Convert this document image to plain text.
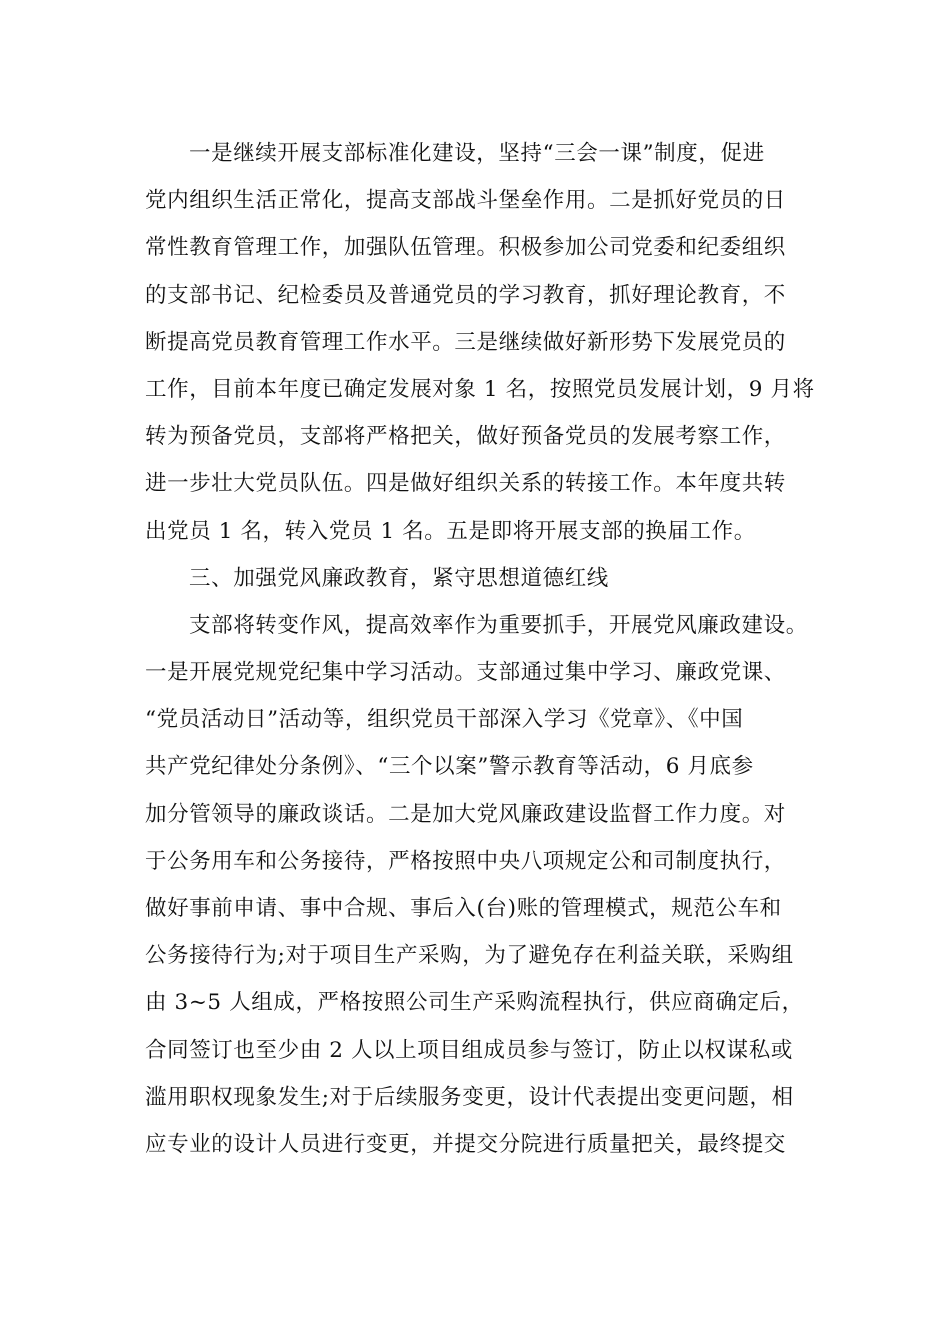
一是继续开展支部标准化建设，坚持“三会一课”制度，促进
党内组织生活正常化，提高支部战斗堡垒作用。二是抓好党员的日
常性教育管理工作，加强队伍管理。积极参加公司党委和纪委组织
的支部书记、纪检委员及普通党员的学习教育，抓好理论教育，不
断提高党员教育管理工作水平。三是继续做好新形势下发展党员的
工作，目前本年度已确定发展对象 1 名，按照党员发展计划，9 月将
转为预备党员，支部将严格把关，做好预备党员的发展考察工作，
进一步壮大党员队伍。四是做好组织关系的转接工作。本年度共转
出党员 1 名，转入党员 1 名。五是即将开展支部的换届工作。
三、加强党风廉政教育，紧守思想道德红线
支部将转变作风，提高效率作为重要抓手，开展党风廉政建设。
一是开展党规党纪集中学习活动。支部通过集中学习、廉政党课、
“党员活动日”活动等，组织党员干部深入学习《党章》、《中国
共产党纪律处分条例》、“三个以案”警示教育等活动，6 月底参
加分管领导的廉政谈话。二是加大党风廉政建设监督工作力度。对
于公务用车和公务接待，严格按照中央八项规定公和司制度执行，
做好事前申请、事中合规、事后入(台)账的管理模式，规范公车和
公务接待行为;对于项目生产采购，为了避免存在利益关联，采购组
由 3~5 人组成，严格按照公司生产采购流程执行，供应商确定后，
合同签订也至少由 2 人以上项目组成员参与签订，防止以权谋私或
滥用职权现象发生;对于后续服务变更，设计代表提出变更问题，相
应专业的设计人员进行变更，并提交分院进行质量把关，最终提交
